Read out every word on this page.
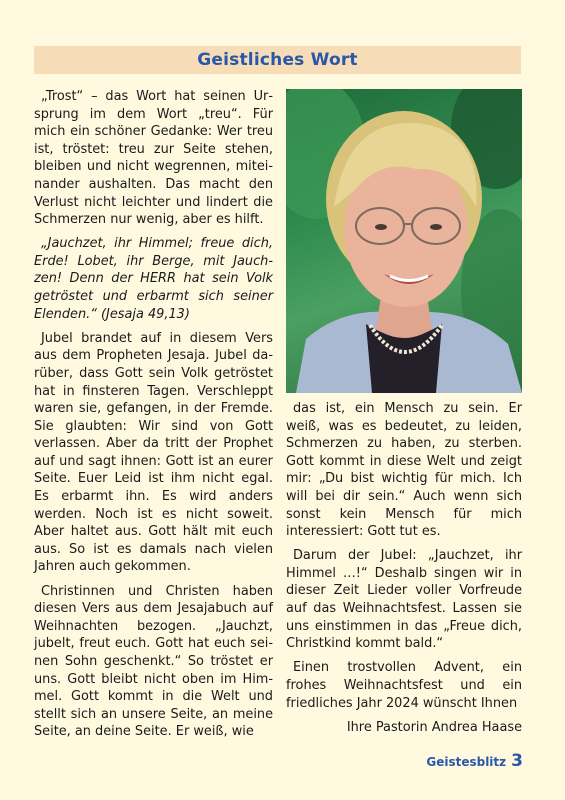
Geistliches Wort

„Trost“ – das Wort hat seinen Ursprung im dem Wort „treu“. Für mich ein schöner Gedanke: Wer treu ist, tröstet: treu zur Seite stehen, bleiben und nicht wegrennen, miteinander aushalten. Das macht den Verlust nicht leichter und lindert die Schmerzen nur wenig, aber es hilft.

„Jauchzet, ihr Himmel; freue dich, Erde! Lobet, ihr Berge, mit Jauchzen! Denn der HERR hat sein Volk getröstet und erbarmt sich seiner Elenden.“ (Jesaja 49,13)

Jubel brandet auf in diesem Vers aus dem Propheten Jesaja. Jubel darüber, dass Gott sein Volk getröstet hat in finsteren Tagen. Verschleppt waren sie, gefangen, in der Fremde. Sie glaubten: Wir sind von Gott verlassen. Aber da tritt der Prophet auf und sagt ihnen: Gott ist an eurer Seite. Euer Leid ist ihm nicht egal. Es erbarmt ihn. Es wird anders werden. Noch ist es nicht soweit. Aber haltet aus. Gott hält mit euch aus. So ist es damals nach vielen Jahren auch gekommen.

Christinnen und Christen haben diesen Vers aus dem Jesajabuch auf Weihnachten bezogen. „Jauchzt, jubelt, freut euch. Gott hat euch seinen Sohn geschenkt.“ So tröstet er uns. Gott bleibt nicht oben im Himmel. Gott kommt in die Welt und stellt sich an unsere Seite, an meine Seite, an deine Seite. Er weiß, wie

das ist, ein Mensch zu sein. Er weiß, was es bedeutet, zu leiden, Schmerzen zu haben, zu sterben. Gott kommt in diese Welt und zeigt mir: „Du bist wichtig für mich. Ich will bei dir sein.“ Auch wenn sich sonst kein Mensch für mich interessiert: Gott tut es.

Darum der Jubel: „Jauchzet, ihr Himmel …!“ Deshalb singen wir in dieser Zeit Lieder voller Vorfreude auf das Weihnachtsfest. Lassen sie uns einstimmen in das „Freue dich, Christkind kommt bald.“

Einen trostvollen Advent, ein frohes Weihnachtsfest und ein friedliches Jahr 2024 wünscht Ihnen

Ihre Pastorin Andrea Haase

Geistesblitz 3
